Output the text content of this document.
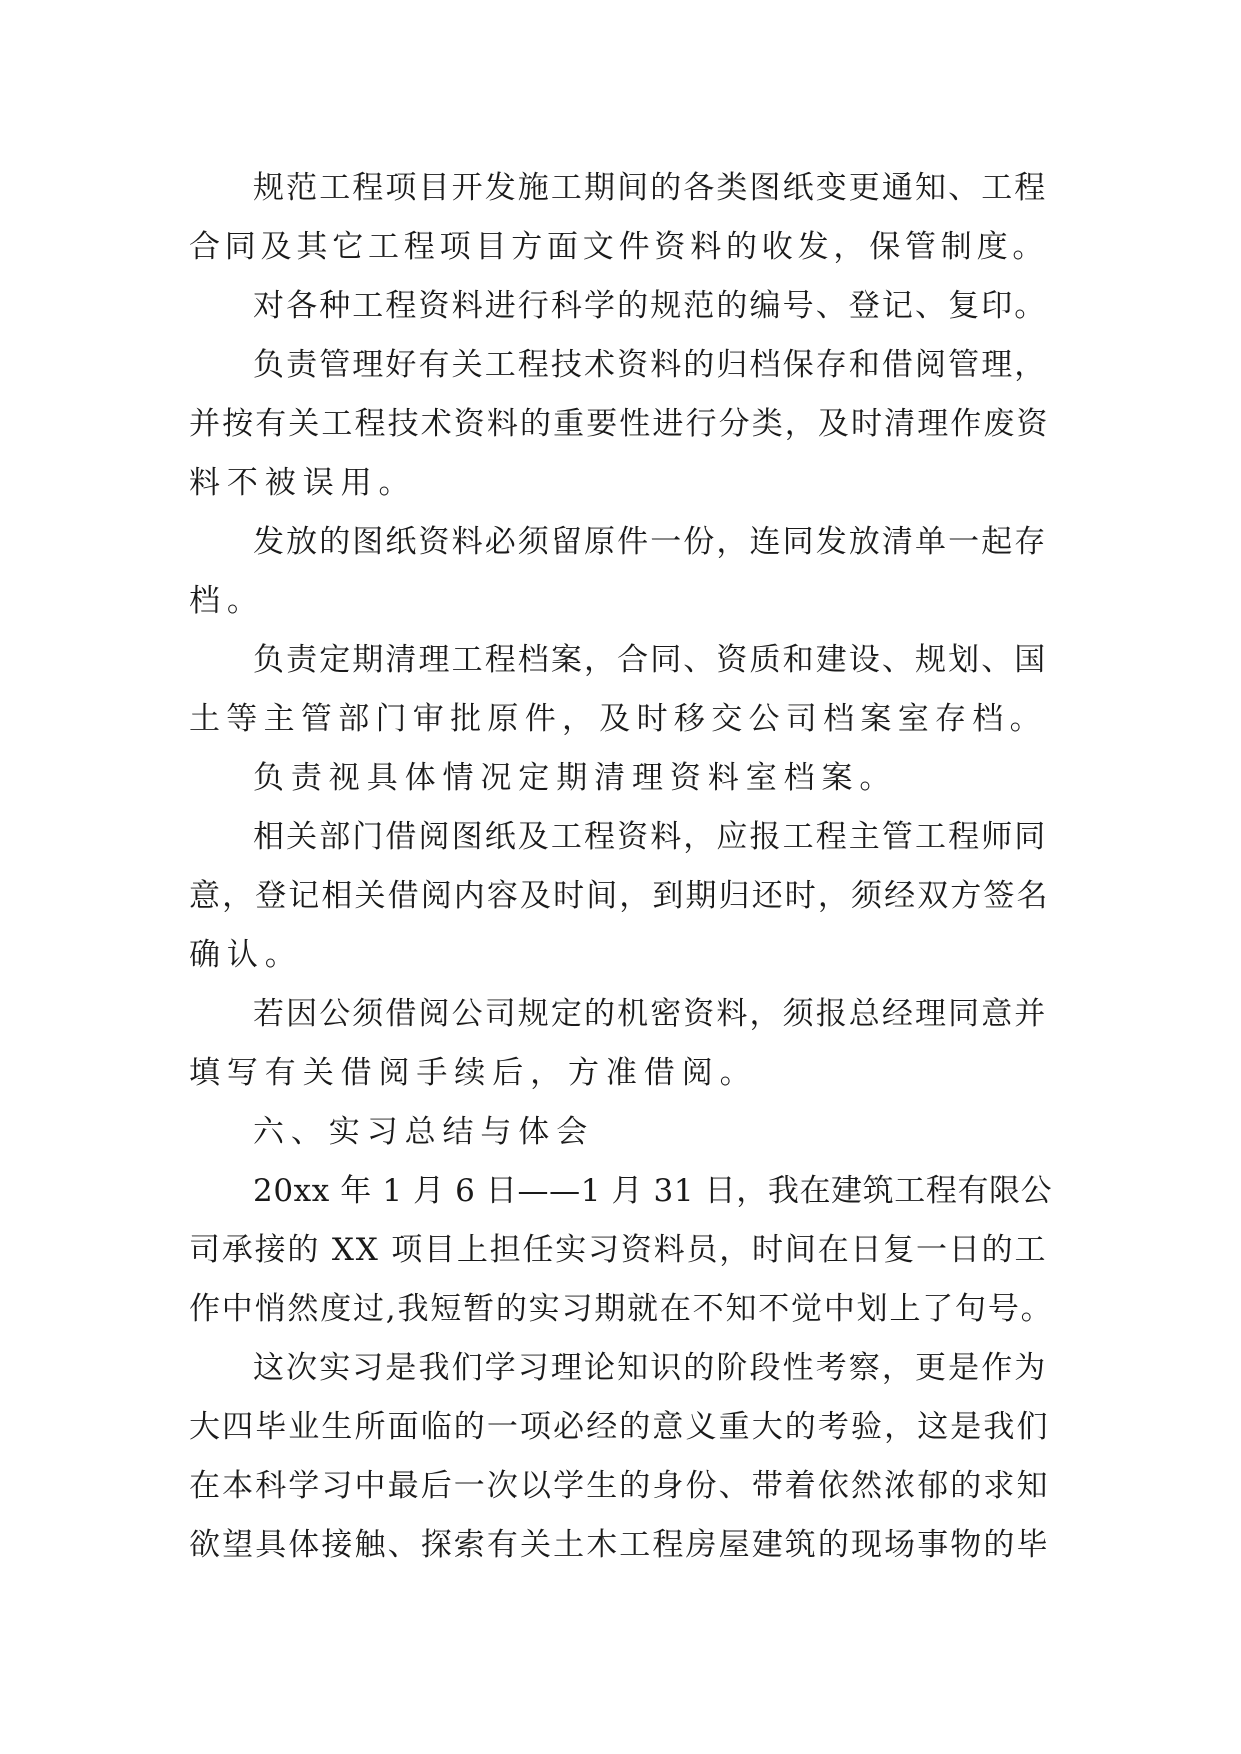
规范工程项目开发施工期间的各类图纸变更通知、工程
合同及其它工程项目方面文件资料的收发，保管制度。
对各种工程资料进行科学的规范的编号、登记、复印。
负责管理好有关工程技术资料的归档保存和借阅管理，
并按有关工程技术资料的重要性进行分类，及时清理作废资
料不被误用。
发放的图纸资料必须留原件一份，连同发放清单一起存
档。
负责定期清理工程档案，合同、资质和建设、规划、国
土等主管部门审批原件，及时移交公司档案室存档。
负责视具体情况定期清理资料室档案。
相关部门借阅图纸及工程资料，应报工程主管工程师同
意，登记相关借阅内容及时间，到期归还时，须经双方签名
确认。
若因公须借阅公司规定的机密资料，须报总经理同意并
填写有关借阅手续后，方准借阅。
六、实习总结与体会
20xx 年 1 月 6 日——1 月 31 日，我在建筑工程有限公
司承接的 XX 项目上担任实习资料员，时间在日复一日的工
作中悄然度过,我短暂的实习期就在不知不觉中划上了句号。
这次实习是我们学习理论知识的阶段性考察，更是作为
大四毕业生所面临的一项必经的意义重大的考验，这是我们
在本科学习中最后一次以学生的身份、带着依然浓郁的求知
欲望具体接触、探索有关土木工程房屋建筑的现场事物的毕
